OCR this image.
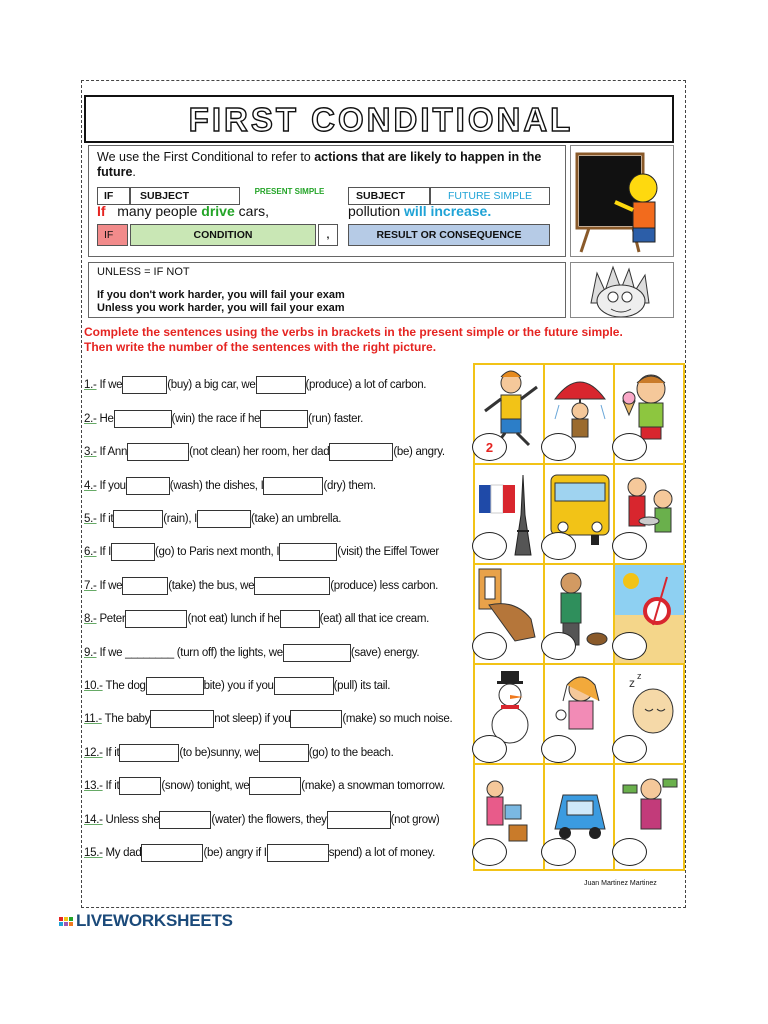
FIRST CONDITIONAL
We use the First Conditional to refer to actions that are likely to happen in the future.
IF	SUBJECT	PRESENT SIMPLE	SUBJECT	FUTURE SIMPLE
If many people drive cars,	pollution will increase.
IF	CONDITION	,	RESULT OR CONSEQUENCE
UNLESS = IF NOT
If you don't work harder, you will fail your exam
Unless you work harder, you will fail your exam
Complete the sentences using the verbs in brackets in the present simple or the future simple. Then write the number of the sentences with the right picture.
1.-
If we	(buy) a big car, we	(produce) a lot of carbon.
2.-
He	(win) the race if he	(run) faster.
3.-
If Ann	(not clean) her room, her dad	(be) angry.
4.-
If you	(wash) the dishes, I	(dry) them.
5.-
If it	(rain), I	(take) an umbrella.
6.-
If I	(go) to Paris next month, I	(visit) the Eiffel Tower
7.-
If we	(take) the bus, we	(produce) less carbon.
8.-
Peter	(not eat) lunch if he	(eat) all that ice cream.
9.-
If we ________ (turn off) the lights, we	(save) energy.
10.-
The dog	bite) you if you	(pull) its tail.
11.-
The baby	not sleep) if you	(make) so much noise.
12.-
If it	(to be)sunny, we	(go) to the beach.
13.-
If it	(snow) tonight, we	(make) a snowman tomorrow.
14.-
Unless she	(water) the flowers, they	(not grow)
15.-
My dad	(be) angry if I	spend) a lot of money.
z z
2
Juan Martinez Martinez
LIVEWORKSHEETS
